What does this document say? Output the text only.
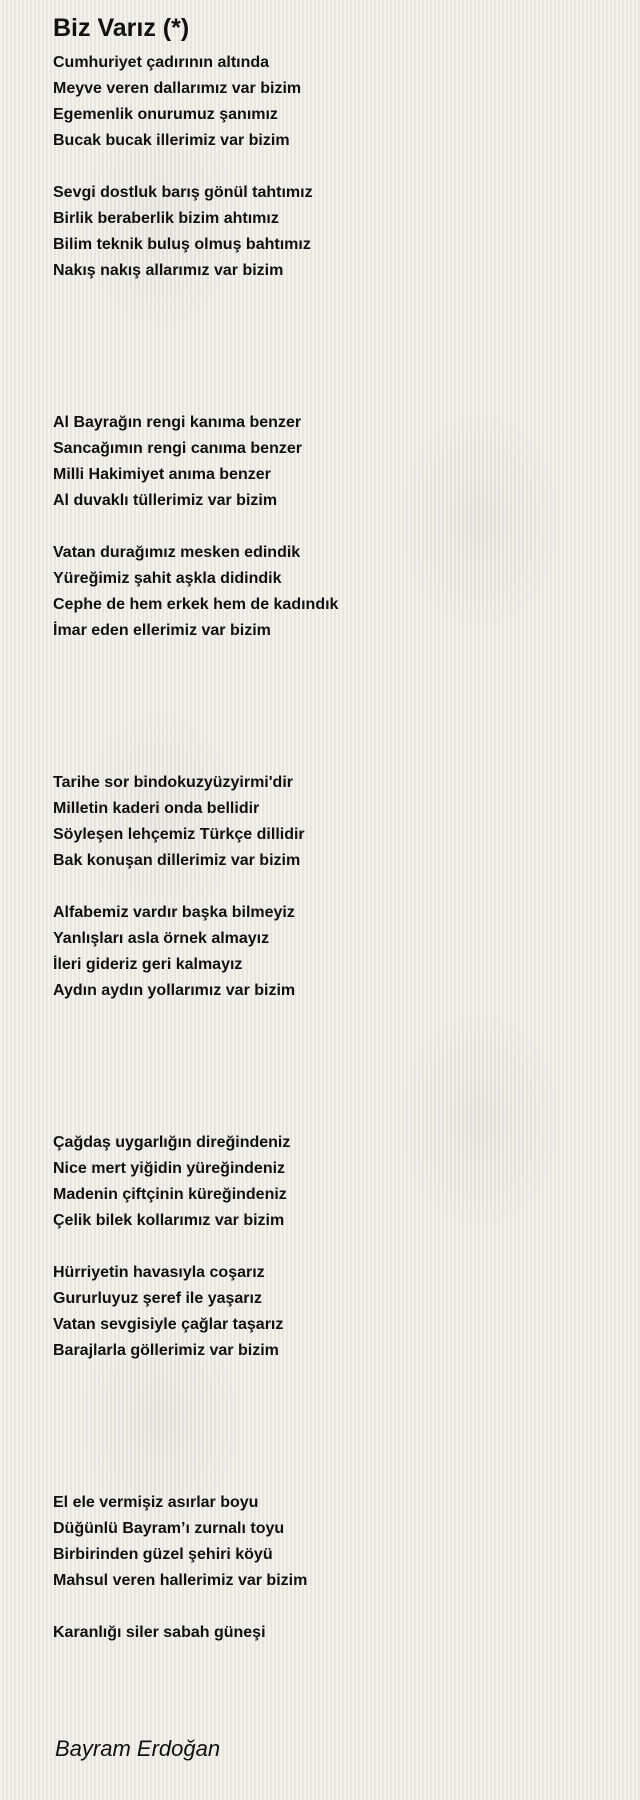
Biz Varız (*)
Cumhuriyet çadırının altında
Meyve veren dallarımız var bizim
Egemenlik onurumuz şanımız
Bucak bucak illerimiz var bizim
Sevgi dostluk barış gönül tahtımız
Birlik beraberlik bizim ahtımız
Bilim teknik buluş olmuş bahtımız
Nakış nakış allarımız var bizim
Al Bayrağın rengi kanıma benzer
Sancağımın rengi canıma benzer
Milli Hakimiyet anıma benzer
Al duvaklı tüllerimiz var bizim
Vatan durağımız mesken edindik
Yüreğimiz şahit aşkla didindik
Cephe de hem erkek hem de kadındık
İmar eden ellerimiz var bizim
Tarihe sor bindokuzyüzyirmi'dir
Milletin kaderi onda bellidir
Söyleşen lehçemiz Türkçe dillidir
Bak konuşan dillerimiz var bizim
Alfabemiz vardır başka bilmeyiz
Yanlışları asla örnek almayız
İleri gideriz geri kalmayız
Aydın aydın yollarımız var bizim
Çağdaş uygarlığın direğindeniz
Nice mert yiğidin yüreğindeniz
Madenin çiftçinin küreğindeniz
Çelik bilek kollarımız var bizim
Hürriyetin havasıyla coşarız
Gururluyuz şeref ile yaşarız
Vatan sevgisiyle çağlar taşarız
Barajlarla göllerimiz var bizim
El ele vermişiz asırlar boyu
Düğünlü Bayram’ı zurnalı toyu
Birbirinden güzel şehiri köyü
Mahsul veren hallerimiz var bizim
Karanlığı siler sabah güneşi
Bayram Erdoğan
